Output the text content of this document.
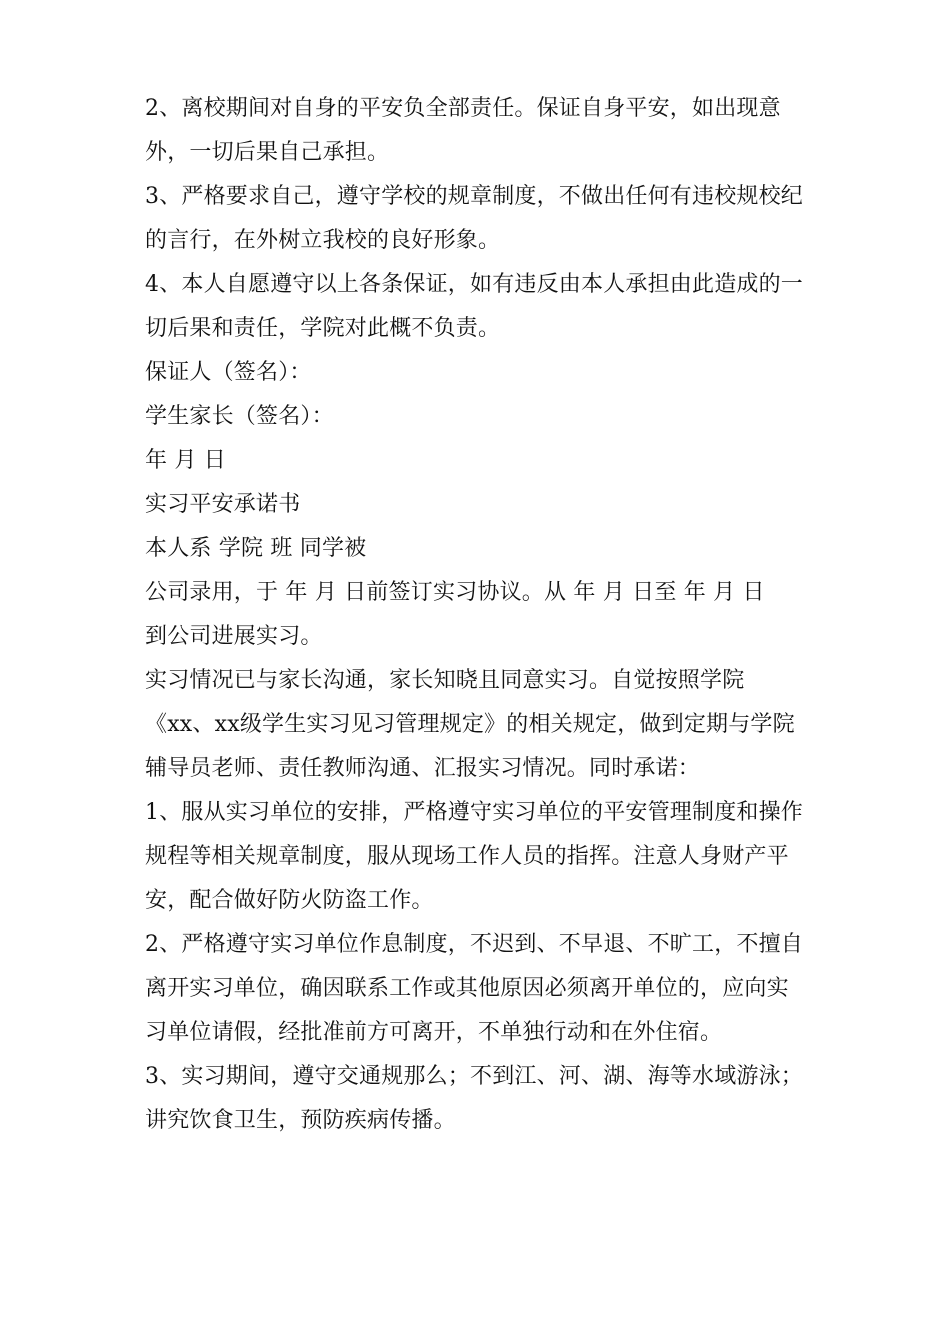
2、离校期间对自身的平安负全部责任。保证自身平安，如出现意
外，一切后果自己承担。
3、严格要求自己，遵守学校的规章制度，不做出任何有违校规校纪
的言行，在外树立我校的良好形象。
4、本人自愿遵守以上各条保证，如有违反由本人承担由此造成的一
切后果和责任，学院对此概不负责。
保证人（签名）：
学生家长（签名）：
年 月 日
实习平安承诺书
本人系 学院 班 同学被
公司录用，于 年 月 日前签订实习协议。从 年 月 日至 年 月 日
到公司进展实习。
实习情况已与家长沟通，家长知晓且同意实习。自觉按照学院
《xx、xx级学生实习见习管理规定》的相关规定，做到定期与学院
辅导员老师、责任教师沟通、汇报实习情况。同时承诺：
1、服从实习单位的安排，严格遵守实习单位的平安管理制度和操作
规程等相关规章制度，服从现场工作人员的指挥。注意人身财产平
安，配合做好防火防盗工作。
2、严格遵守实习单位作息制度，不迟到、不早退、不旷工，不擅自
离开实习单位，确因联系工作或其他原因必须离开单位的，应向实
习单位请假，经批准前方可离开，不单独行动和在外住宿。
3、实习期间，遵守交通规那么；不到江、河、湖、海等水域游泳；
讲究饮食卫生，预防疾病传播。
